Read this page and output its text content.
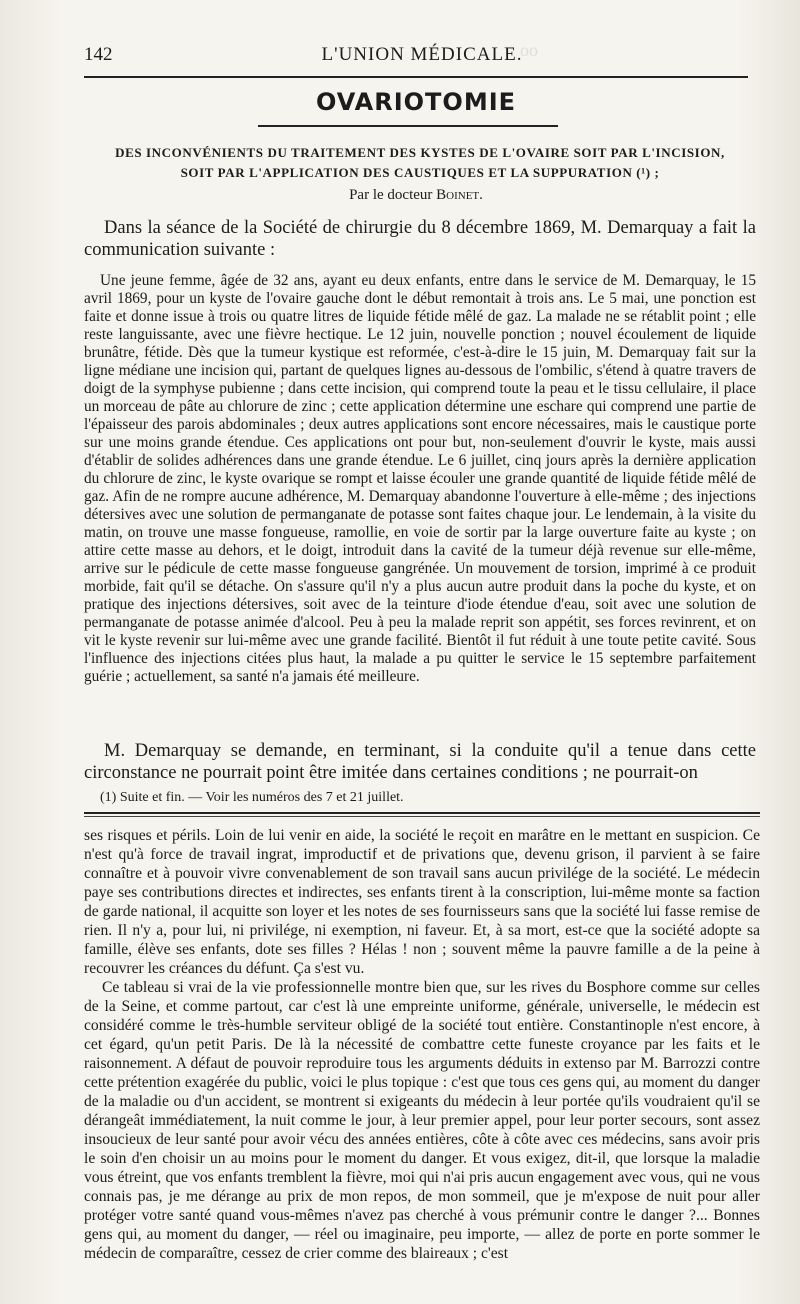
oo
142	L'UNION MÉDICALE.
OVARIOTOMIE
DES INCONVÉNIENTS DU TRAITEMENT DES KYSTES DE L'OVAIRE SOIT PAR L'INCISION,
SOIT PAR L'APPLICATION DES CAUSTIQUES ET LA SUPPURATION (¹) ;
Par le docteur Boinet.
Dans la séance de la Société de chirurgie du 8 décembre 1869, M. Demarquay a fait la communication suivante :
Une jeune femme, âgée de 32 ans, ayant eu deux enfants, entre dans le service de M. Demarquay, le 15 avril 1869, pour un kyste de l'ovaire gauche dont le début remontait à trois ans. Le 5 mai, une ponction est faite et donne issue à trois ou quatre litres de liquide fétide mêlé de gaz. La malade ne se rétablit point ; elle reste languissante, avec une fièvre hectique. Le 12 juin, nouvelle ponction ; nouvel écoulement de liquide brunâtre, fétide. Dès que la tumeur kystique est reformée, c'est-à-dire le 15 juin, M. Demarquay fait sur la ligne médiane une incision qui, partant de quelques lignes au-dessous de l'ombilic, s'étend à quatre travers de doigt de la symphyse pubienne ; dans cette incision, qui comprend toute la peau et le tissu cellulaire, il place un morceau de pâte au chlorure de zinc ; cette application détermine une eschare qui comprend une partie de l'épaisseur des parois abdominales ; deux autres applications sont encore nécessaires, mais le caustique porte sur une moins grande étendue. Ces applications ont pour but, non-seulement d'ouvrir le kyste, mais aussi d'établir de solides adhérences dans une grande étendue. Le 6 juillet, cinq jours après la dernière application du chlorure de zinc, le kyste ovarique se rompt et laisse écouler une grande quantité de liquide fétide mêlé de gaz. Afin de ne rompre aucune adhérence, M. Demarquay abandonne l'ouverture à elle-même ; des injections détersives avec une solution de permanganate de potasse sont faites chaque jour. Le lendemain, à la visite du matin, on trouve une masse fongueuse, ramollie, en voie de sortir par la large ouverture faite au kyste ; on attire cette masse au dehors, et le doigt, introduit dans la cavité de la tumeur déjà revenue sur elle-même, arrive sur le pédicule de cette masse fongueuse gangrénée. Un mouvement de torsion, imprimé à ce produit morbide, fait qu'il se détache. On s'assure qu'il n'y a plus aucun autre produit dans la poche du kyste, et on pratique des injections détersives, soit avec de la teinture d'iode étendue d'eau, soit avec une solution de permanganate de potasse animée d'alcool. Peu à peu la malade reprit son appétit, ses forces revinrent, et on vit le kyste revenir sur lui-même avec une grande facilité. Bientôt il fut réduit à une toute petite cavité. Sous l'influence des injections citées plus haut, la malade a pu quitter le service le 15 septembre parfaitement guérie ; actuellement, sa santé n'a jamais été meilleure.
M. Demarquay se demande, en terminant, si la conduite qu'il a tenue dans cette circonstance ne pourrait point être imitée dans certaines conditions ; ne pourrait-on
(1) Suite et fin. — Voir les numéros des 7 et 21 juillet.

ses risques et périls. Loin de lui venir en aide, la société le reçoit en marâtre en le mettant en suspicion. Ce n'est qu'à force de travail ingrat, improductif et de privations que, devenu grison, il parvient à se faire connaître et à pouvoir vivre convenablement de son travail sans aucun privilége de la société. Le médecin paye ses contributions directes et indirectes, ses enfants tirent à la conscription, lui-même monte sa faction de garde national, il acquitte son loyer et les notes de ses fournisseurs sans que la société lui fasse remise de rien. Il n'y a, pour lui, ni privilége, ni exemption, ni faveur. Et, à sa mort, est-ce que la société adopte sa famille, élève ses enfants, dote ses filles ? Hélas ! non ; souvent même la pauvre famille a de la peine à recouvrer les créances du défunt. Ça s'est vu.

Ce tableau si vrai de la vie professionnelle montre bien que, sur les rives du Bosphore comme sur celles de la Seine, et comme partout, car c'est là une empreinte uniforme, générale, universelle, le médecin est considéré comme le très-humble serviteur obligé de la société tout entière. Constantinople n'est encore, à cet égard, qu'un petit Paris. De là la nécessité de combattre cette funeste croyance par les faits et le raisonnement. A défaut de pouvoir reproduire tous les arguments déduits in extenso par M. Barrozzi contre cette prétention exagérée du public, voici le plus topique : c'est que tous ces gens qui, au moment du danger de la maladie ou d'un accident, se montrent si exigeants du médecin à leur portée qu'ils voudraient qu'il se dérangeât immédiatement, la nuit comme le jour, à leur premier appel, pour leur porter secours, sont assez insoucieux de leur santé pour avoir vécu des années entières, côte à côte avec ces médecins, sans avoir pris le soin d'en choisir un au moins pour le moment du danger. Et vous exigez, dit-il, que lorsque la maladie vous étreint, que vos enfants tremblent la fièvre, moi qui n'ai pris aucun engagement avec vous, qui ne vous connais pas, je me dérange au prix de mon repos, de mon sommeil, que je m'expose de nuit pour aller protéger votre santé quand vous-mêmes n'avez pas cherché à vous prémunir contre le danger ?... Bonnes gens qui, au moment du danger, — réel ou imaginaire, peu importe, — allez de porte en porte sommer le médecin de comparaître, cessez de crier comme des blaireaux ; c'est
